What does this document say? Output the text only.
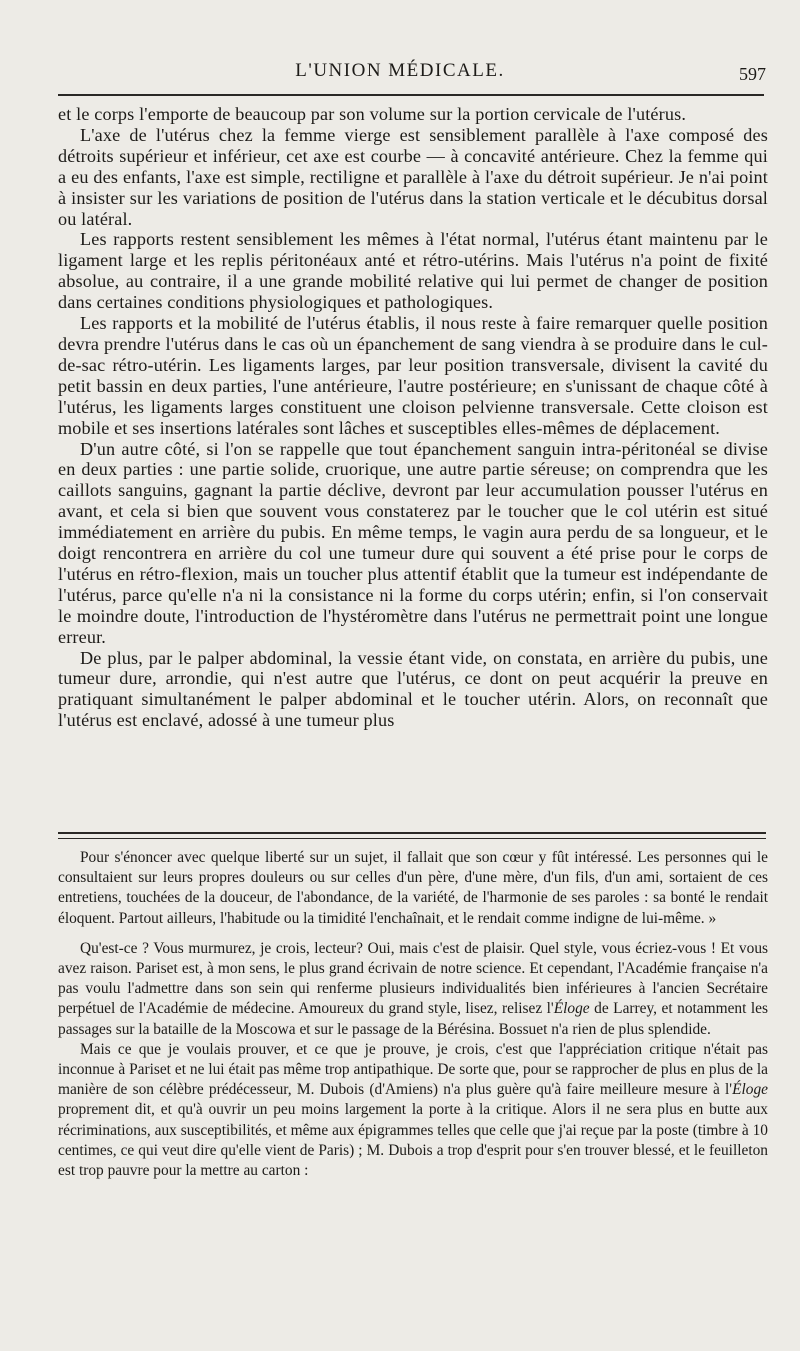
L'UNION MÉDICALE.	597

et le corps l'emporte de beaucoup par son volume sur la portion cervicale de l'utérus.

L'axe de l'utérus chez la femme vierge est sensiblement parallèle à l'axe composé des détroits supérieur et inférieur, cet axe est courbe — à concavité antérieure. Chez la femme qui a eu des enfants, l'axe est simple, rectiligne et parallèle à l'axe du détroit supérieur. Je n'ai point à insister sur les variations de position de l'utérus dans la station verticale et le décubitus dorsal ou latéral.

Les rapports restent sensiblement les mêmes à l'état normal, l'utérus étant maintenu par le ligament large et les replis péritonéaux anté et rétro-utérins. Mais l'utérus n'a point de fixité absolue, au contraire, il a une grande mobilité relative qui lui permet de changer de position dans certaines conditions physiologiques et pathologiques.

Les rapports et la mobilité de l'utérus établis, il nous reste à faire remarquer quelle position devra prendre l'utérus dans le cas où un épanchement de sang viendra à se produire dans le cul-de-sac rétro-utérin. Les ligaments larges, par leur position transversale, divisent la cavité du petit bassin en deux parties, l'une antérieure, l'autre postérieure; en s'unissant de chaque côté à l'utérus, les ligaments larges constituent une cloison pelvienne transversale. Cette cloison est mobile et ses insertions latérales sont lâches et susceptibles elles-mêmes de déplacement.

D'un autre côté, si l'on se rappelle que tout épanchement sanguin intra-péritonéal se divise en deux parties : une partie solide, cruorique, une autre partie séreuse; on comprendra que les caillots sanguins, gagnant la partie déclive, devront par leur accumulation pousser l'utérus en avant, et cela si bien que souvent vous constaterez par le toucher que le col utérin est situé immédiatement en arrière du pubis. En même temps, le vagin aura perdu de sa longueur, et le doigt rencontrera en arrière du col une tumeur dure qui souvent a été prise pour le corps de l'utérus en rétro-flexion, mais un toucher plus attentif établit que la tumeur est indépendante de l'utérus, parce qu'elle n'a ni la consistance ni la forme du corps utérin; enfin, si l'on conservait le moindre doute, l'introduction de l'hystéromètre dans l'utérus ne permettrait point une longue erreur.

De plus, par le palper abdominal, la vessie étant vide, on constata, en arrière du pubis, une tumeur dure, arrondie, qui n'est autre que l'utérus, ce dont on peut acquérir la preuve en pratiquant simultanément le palper abdominal et le toucher utérin. Alors, on reconnaît que l'utérus est enclavé, adossé à une tumeur plus

Pour s'énoncer avec quelque liberté sur un sujet, il fallait que son cœur y fût intéressé. Les personnes qui le consultaient sur leurs propres douleurs ou sur celles d'un père, d'une mère, d'un fils, d'un ami, sortaient de ces entretiens, touchées de la douceur, de l'abondance, de la variété, de l'harmonie de ses paroles : sa bonté le rendait éloquent. Partout ailleurs, l'habitude ou la timidité l'enchaînait, et le rendait comme indigne de lui-même. »

Qu'est-ce ? Vous murmurez, je crois, lecteur? Oui, mais c'est de plaisir. Quel style, vous écriez-vous ! Et vous avez raison. Pariset est, à mon sens, le plus grand écrivain de notre science. Et cependant, l'Académie française n'a pas voulu l'admettre dans son sein qui renferme plusieurs individualités bien inférieures à l'ancien Secrétaire perpétuel de l'Académie de médecine. Amoureux du grand style, lisez, relisez l'Éloge de Larrey, et notamment les passages sur la bataille de la Moscowa et sur le passage de la Bérésina. Bossuet n'a rien de plus splendide.

Mais ce que je voulais prouver, et ce que je prouve, je crois, c'est que l'appréciation critique n'était pas inconnue à Pariset et ne lui était pas même trop antipathique. De sorte que, pour se rapprocher de plus en plus de la manière de son célèbre prédécesseur, M. Dubois (d'Amiens) n'a plus guère qu'à faire meilleure mesure à l'Éloge proprement dit, et qu'à ouvrir un peu moins largement la porte à la critique. Alors il ne sera plus en butte aux récriminations, aux susceptibilités, et même aux épigrammes telles que celle que j'ai reçue par la poste (timbre à 10 centimes, ce qui veut dire qu'elle vient de Paris) ; M. Dubois a trop d'esprit pour s'en trouver blessé, et le feuilleton est trop pauvre pour la mettre au carton :
